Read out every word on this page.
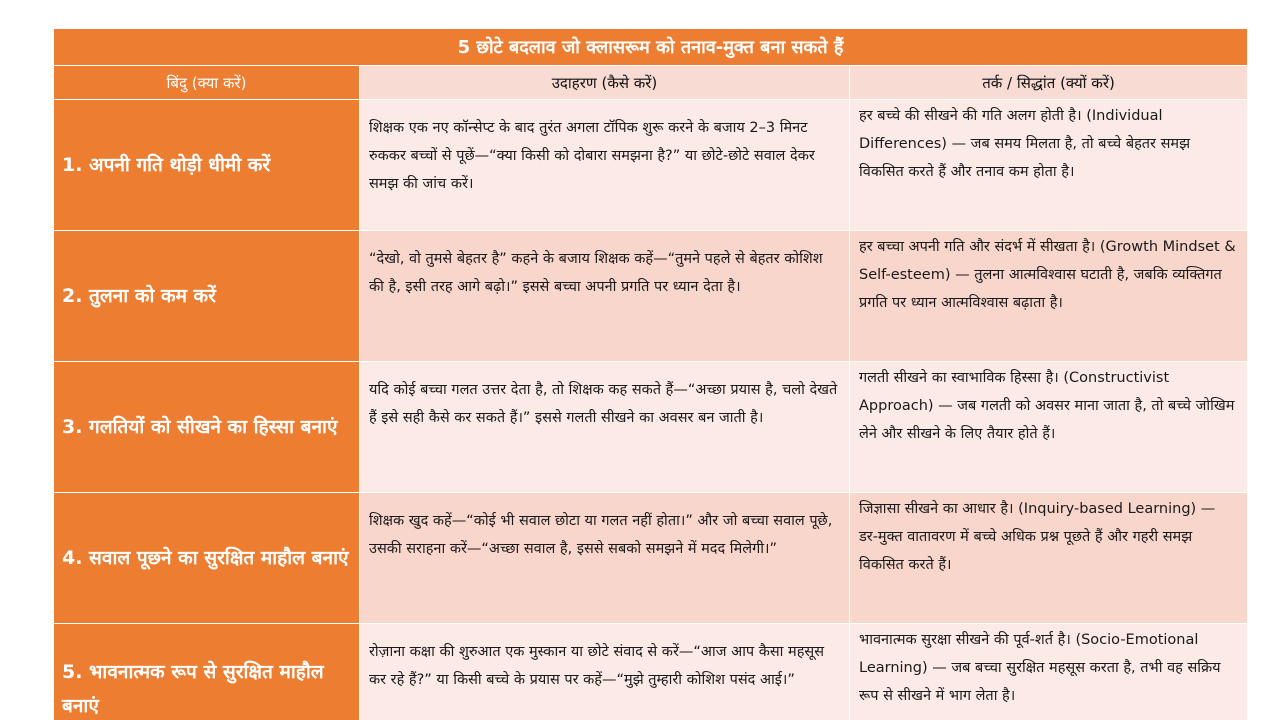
5 छोटे बदलाव जो क्लासरूम को तनाव-मुक्त बना सकते हैं		
बिंदु (क्या करें)	उदाहरण (कैसे करें)	तर्क / सिद्धांत (क्यों करें)
1. अपनी गति थोड़ी धीमी करें	शिक्षक एक नए कॉन्सेप्ट के बाद तुरंत अगला टॉपिक शुरू करने के बजाय 2–3 मिनट रुककर बच्चों से पूछें—“क्या किसी को दोबारा समझना है?” या छोटे-छोटे सवाल देकर समझ की जांच करें।	हर बच्चे की सीखने की गति अलग होती है। (Individual Differences) — जब समय मिलता है, तो बच्चे बेहतर समझ विकसित करते हैं और तनाव कम होता है।
2. तुलना को कम करें	“देखो, वो तुमसे बेहतर है” कहने के बजाय शिक्षक कहें—“तुमने पहले से बेहतर कोशिश की है, इसी तरह आगे बढ़ो।” इससे बच्चा अपनी प्रगति पर ध्यान देता है।	हर बच्चा अपनी गति और संदर्भ में सीखता है। (Growth Mindset & Self-esteem) — तुलना आत्मविश्वास घटाती है, जबकि व्यक्तिगत प्रगति पर ध्यान आत्मविश्वास बढ़ाता है।
3. गलतियों को सीखने का हिस्सा बनाएं	यदि कोई बच्चा गलत उत्तर देता है, तो शिक्षक कह सकते हैं—“अच्छा प्रयास है, चलो देखते हैं इसे सही कैसे कर सकते हैं।” इससे गलती सीखने का अवसर बन जाती है।	गलती सीखने का स्वाभाविक हिस्सा है। (Constructivist Approach) — जब गलती को अवसर माना जाता है, तो बच्चे जोखिम लेने और सीखने के लिए तैयार होते हैं।
4. सवाल पूछने का सुरक्षित माहौल बनाएं	शिक्षक खुद कहें—“कोई भी सवाल छोटा या गलत नहीं होता।” और जो बच्चा सवाल पूछे, उसकी सराहना करें—“अच्छा सवाल है, इससे सबको समझने में मदद मिलेगी।”	जिज्ञासा सीखने का आधार है। (Inquiry-based Learning) — डर-मुक्त वातावरण में बच्चे अधिक प्रश्न पूछते हैं और गहरी समझ विकसित करते हैं।
5. भावनात्मक रूप से सुरक्षित माहौल बनाएं	रोज़ाना कक्षा की शुरुआत एक मुस्कान या छोटे संवाद से करें—“आज आप कैसा महसूस कर रहे हैं?” या किसी बच्चे के प्रयास पर कहें—“मुझे तुम्हारी कोशिश पसंद आई।”	भावनात्मक सुरक्षा सीखने की पूर्व-शर्त है। (Socio-Emotional Learning) — जब बच्चा सुरक्षित महसूस करता है, तभी वह सक्रिय रूप से सीखने में भाग लेता है।
